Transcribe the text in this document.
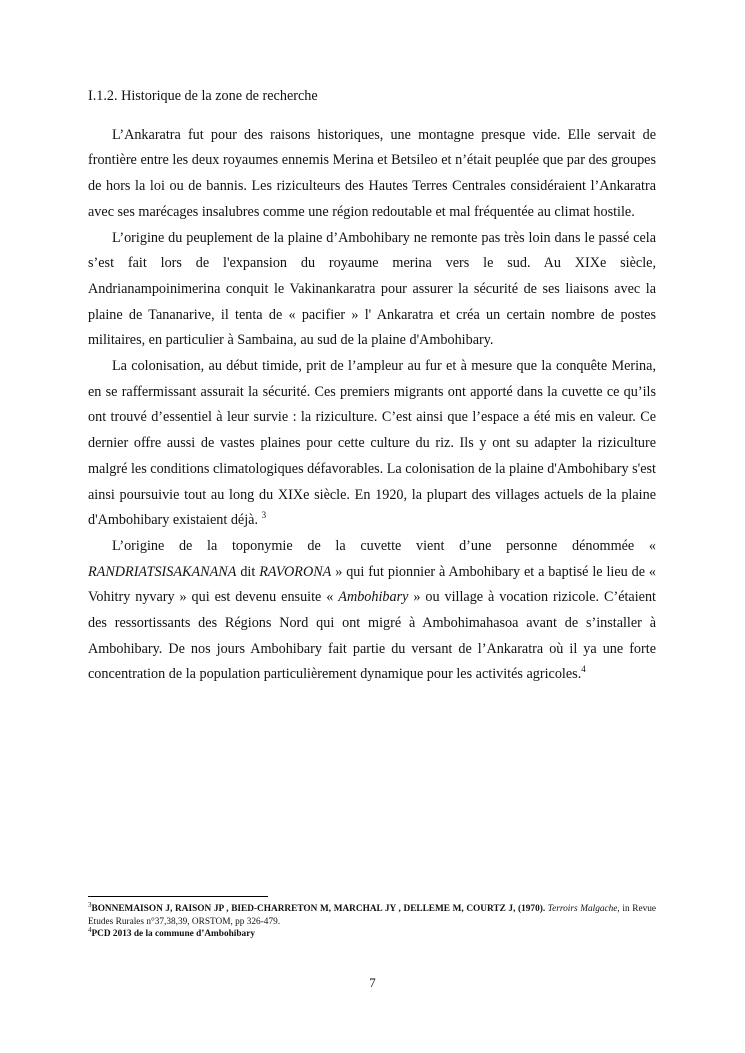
I.1.2. Historique de la zone de recherche

L’Ankaratra fut pour des raisons historiques, une montagne presque vide. Elle servait de frontière entre les deux royaumes ennemis Merina et Betsileo et n’était peuplée que par des groupes de hors la loi ou de bannis. Les riziculteurs des Hautes Terres Centrales considéraient l’Ankaratra avec ses marécages insalubres comme une région redoutable et mal fréquentée au climat hostile.

L’origine du peuplement de la plaine d’Ambohibary ne remonte pas très loin dans le passé cela s’est fait lors de l'expansion du royaume merina vers le sud. Au XIXe siècle, Andrianampoinimerina conquit le Vakinankaratra pour assurer la sécurité de ses liaisons avec la plaine de Tananarive, il tenta de « pacifier » l' Ankaratra et créa un certain nombre de postes militaires, en particulier à Sambaina, au sud de la plaine d'Ambohibary.

La colonisation, au début timide, prit de l’ampleur au fur et à mesure que la conquête Merina, en se raffermissant assurait la sécurité. Ces premiers migrants ont apporté dans la cuvette ce qu’ils ont trouvé d’essentiel à leur survie : la riziculture. C’est ainsi que l’espace a été mis en valeur. Ce dernier offre aussi de vastes plaines pour cette culture du riz. Ils y ont su adapter la riziculture malgré les conditions climatologiques défavorables. La colonisation de la plaine d'Ambohibary s'est ainsi poursuivie tout au long du XIXe siècle. En 1920, la plupart des villages actuels de la plaine d'Ambohibary existaient déjà. $^3$

L’origine de la toponymie de la cuvette vient d’une personne dénommée « RANDRIATSISAKANANA dit RAVORONA » qui fut pionnier à Ambohibary et a baptisé le lieu de « Vohitry nyvary » qui est devenu ensuite « Ambohibary » ou village à vocation rizicole. C’étaient des ressortissants des Régions Nord qui ont migré à Ambohimahasoa avant de s’installer à Ambohibary. De nos jours Ambohibary fait partie du versant de l’Ankaratra où il ya une forte concentration de la population particulièrement dynamique pour les activités agricoles.$^4$

$^3$BONNEMAISON J, RAISON JP , BIED-CHARRETON M, MARCHAL JY , DELLEME M, COURTZ J, (1970). Terroirs Malgache, in Revue Etudes Rurales n°37,38,39, ORSTOM, pp 326-479.

$^4$PCD 2013 de la commune d’Ambohibary

7
